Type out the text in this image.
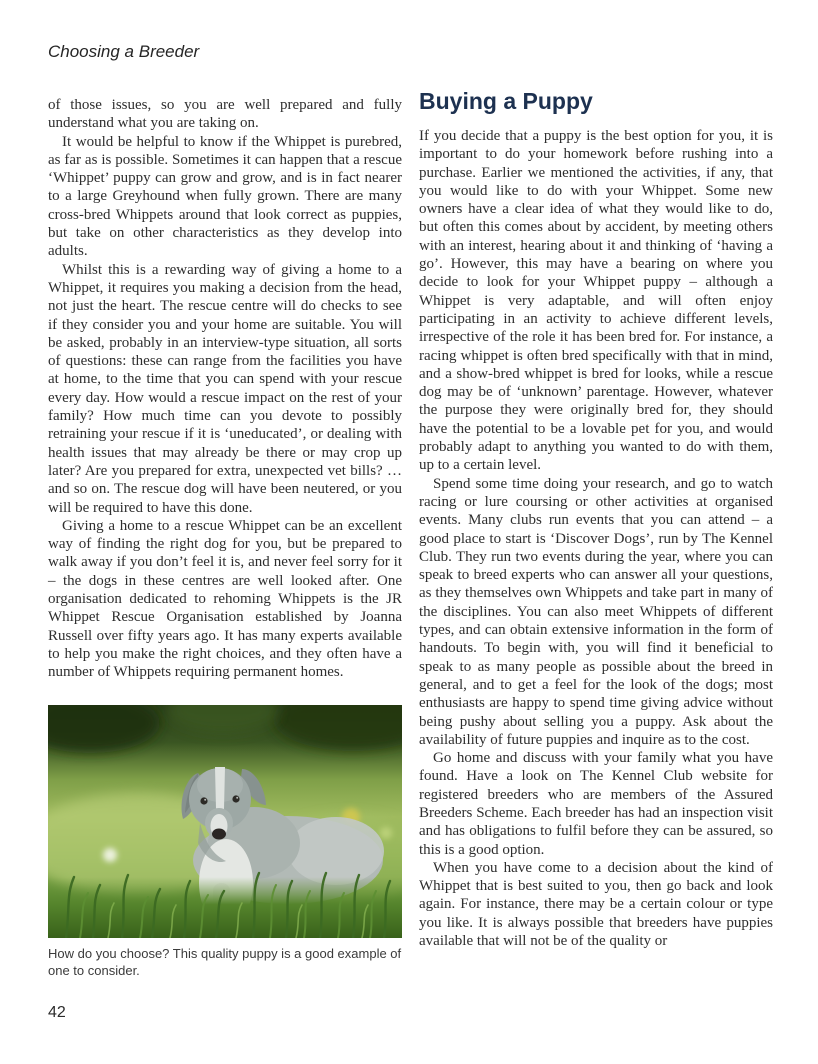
Choosing a Breeder

of those issues, so you are well prepared and fully understand what you are taking on.

It would be helpful to know if the Whippet is purebred, as far as is possible. Sometimes it can happen that a rescue ‘Whippet’ puppy can grow and grow, and is in fact nearer to a large Greyhound when fully grown. There are many cross-bred Whippets around that look correct as puppies, but take on other characteristics as they develop into adults.

Whilst this is a rewarding way of giving a home to a Whippet, it requires you making a decision from the head, not just the heart. The rescue centre will do checks to see if they consider you and your home are suitable. You will be asked, probably in an interview-type situation, all sorts of questions: these can range from the facilities you have at home, to the time that you can spend with your rescue every day. How would a rescue impact on the rest of your family? How much time can you devote to possibly retraining your rescue if it is ‘uneducated’, or dealing with health issues that may already be there or may crop up later? Are you prepared for extra, unexpected vet bills? …and so on. The rescue dog will have been neutered, or you will be required to have this done.

Giving a home to a rescue Whippet can be an excellent way of finding the right dog for you, but be prepared to walk away if you don’t feel it is, and never feel sorry for it – the dogs in these centres are well looked after. One organisation dedicated to rehoming Whippets is the JR Whippet Rescue Organisation established by Joanna Russell over fifty years ago. It has many experts available to help you make the right choices, and they often have a number of Whippets requiring permanent homes.

Buying a Puppy

If you decide that a puppy is the best option for you, it is important to do your homework before rushing into a purchase. Earlier we mentioned the activities, if any, that you would like to do with your Whippet. Some new owners have a clear idea of what they would like to do, but often this comes about by accident, by meeting others with an interest, hearing about it and thinking of ‘having a go’. However, this may have a bearing on where you decide to look for your Whippet puppy – although a Whippet is very adaptable, and will often enjoy participating in an activity to achieve different levels, irrespective of the role it has been bred for. For instance, a racing whippet is often bred specifically with that in mind, and a show-bred whippet is bred for looks, while a rescue dog may be of ‘unknown’ parentage. However, whatever the purpose they were originally bred for, they should have the potential to be a lovable pet for you, and would probably adapt to anything you wanted to do with them, up to a certain level.

Spend some time doing your research, and go to watch racing or lure coursing or other activities at organised events. Many clubs run events that you can attend – a good place to start is ‘Discover Dogs’, run by The Kennel Club. They run two events during the year, where you can speak to breed experts who can answer all your questions, as they themselves own Whippets and take part in many of the disciplines. You can also meet Whippets of different types, and can obtain extensive information in the form of handouts. To begin with, you will find it beneficial to speak to as many people as possible about the breed in general, and to get a feel for the look of the dogs; most enthusiasts are happy to spend time giving advice without being pushy about selling you a puppy. Ask about the availability of future puppies and inquire as to the cost.

Go home and discuss with your family what you have found. Have a look on The Kennel Club website for registered breeders who are members of the Assured Breeders Scheme. Each breeder has had an inspection visit and has obligations to fulfil before they can be assured, so this is a good option.

When you have come to a decision about the kind of Whippet that is best suited to you, then go back and look again. For instance, there may be a certain colour or type you like. It is always possible that breeders have puppies available that will not be of the quality or

How do you choose? This quality puppy is a good example of one to consider.
42
